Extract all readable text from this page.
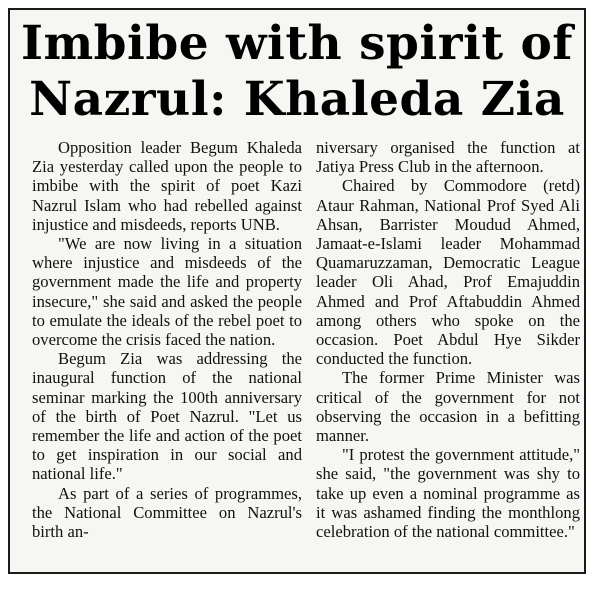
Imbibe with spirit of
Nazrul: Khaleda Zia

Opposition leader Begum Khaleda Zia yesterday called upon the people to imbibe with the spirit of poet Kazi Nazrul Islam who had rebelled against injustice and misdeeds, reports UNB.

"We are now living in a situation where injustice and misdeeds of the government made the life and property insecure," she said and asked the people to emulate the ideals of the rebel poet to overcome the crisis faced the nation.

Begum Zia was addressing the inaugural function of the national seminar marking the 100th anniversary of the birth of Poet Nazrul. "Let us remember the life and action of the poet to get inspiration in our social and national life."

As part of a series of programmes, the National Committee on Nazrul's birth an-

niversary organised the function at Jatiya Press Club in the afternoon.

Chaired by Commodore (retd) Ataur Rahman, National Prof Syed Ali Ahsan, Barrister Moudud Ahmed, Jamaat-e-Islami leader Mohammad Quamaruzzaman, Democratic League leader Oli Ahad, Prof Emajuddin Ahmed and Prof Aftabuddin Ahmed among others who spoke on the occasion. Poet Abdul Hye Sikder conducted the function.

The former Prime Minister was critical of the government for not observing the occasion in a befitting manner.

"I protest the government attitude," she said, "the government was shy to take up even a nominal programme as it was ashamed finding the monthlong celebration of the national committee."
